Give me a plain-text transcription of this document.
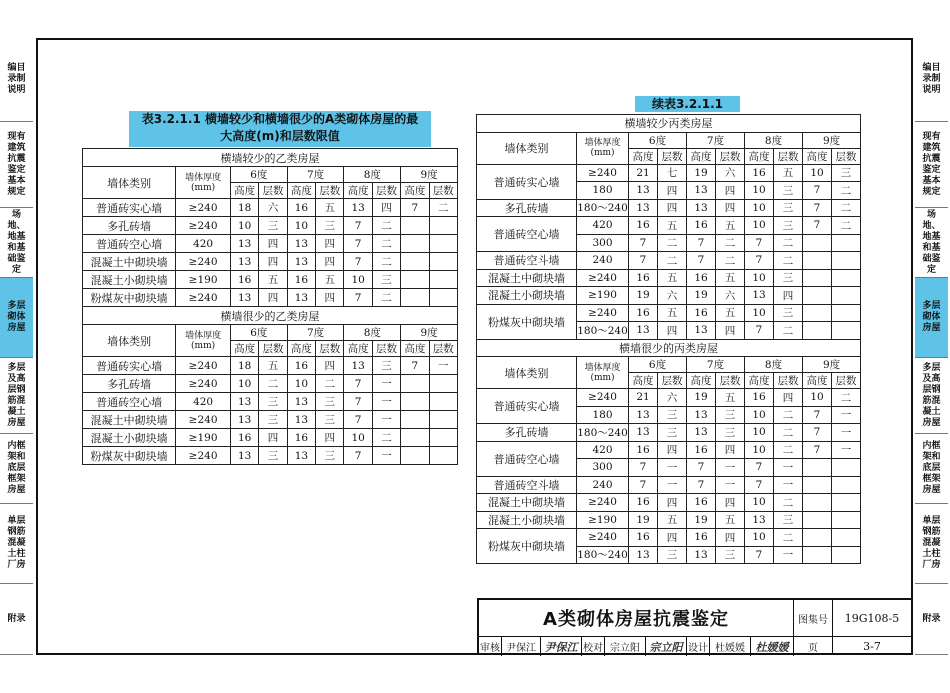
编目录制说明
现有建筑抗震鉴定基本规定
场地、地基和基础鉴定
多层砌体房屋
多层及高层钢筋混凝土房屋
内框架和底层框架房屋
单层钢筋混凝土柱厂房
附录
编目录制说明
现有建筑抗震鉴定基本规定
场地、地基和基础鉴定
多层砌体房屋
多层及高层钢筋混凝土房屋
内框架和底层框架房屋
单层钢筋混凝土柱厂房
附录
表3.2.1.1 横墙较少和横墙很少的A类砌体房屋的最
大高度(m)和层数限值
续表3.2.1.1
横墙较少的乙类房屋									
墙体类别	墙体厚度(mm)	6度		7度		8度		9度	
		高度	层数	高度	层数	高度	层数	高度	层数
普通砖实心墙	≥240	18	六	16	五	13	四	7	二
多孔砖墙	≥240	10	三	10	三	7	二		
普通砖空心墙	420	13	四	13	四	7	二		
混凝土中砌块墙	≥240	13	四	13	四	7	二		
混凝土小砌块墙	≥190	16	五	16	五	10	三		
粉煤灰中砌块墙	≥240	13	四	13	四	7	二		
横墙很少的乙类房屋									
墙体类别	墙体厚度(mm)	6度		7度		8度		9度	
		高度	层数	高度	层数	高度	层数	高度	层数
普通砖实心墙	≥240	18	五	16	四	13	三	7	一
多孔砖墙	≥240	10	二	10	二	7	一		
普通砖空心墙	420	13	三	13	三	7	一		
混凝土中砌块墙	≥240	13	三	13	三	7	一		
混凝土小砌块墙	≥190	16	四	16	四	10	二		
粉煤灰中砌块墙	≥240	13	三	13	三	7	一		
横墙较少丙类房屋									
墙体类别	墙体厚度(mm)	6度		7度		8度		9度	
		高度	层数	高度	层数	高度	层数	高度	层数
普通砖实心墙	≥240	21	七	19	六	16	五	10	三
	180	13	四	13	四	10	三	7	二
多孔砖墙	180～240	13	四	13	四	10	三	7	二
普通砖空心墙	420	16	五	16	五	10	三	7	二
	300	7	二	7	二	7	二		
普通砖空斗墙	240	7	二	7	二	7	二		
混凝土中砌块墙	≥240	16	五	16	五	10	三		
混凝土小砌块墙	≥190	19	六	19	六	13	四		
粉煤灰中砌块墙	≥240	16	五	16	五	10	三		
	180～240	13	四	13	四	7	二		
横墙很少的丙类房屋									
墙体类别	墙体厚度(mm)	6度		7度		8度		9度	
		高度	层数	高度	层数	高度	层数	高度	层数
普通砖实心墙	≥240	21	六	19	五	16	四	10	二
	180	13	三	13	三	10	二	7	一
多孔砖墙	180～240	13	三	13	三	10	二	7	一
普通砖空心墙	420	16	四	16	四	10	二	7	一
	300	7	一	7	一	7	一		
普通砖空斗墙	240	7	一	7	一	7	一		
混凝土中砌块墙	≥240	16	四	16	四	10	二		
混凝土小砌块墙	≥190	19	五	19	五	13	三		
粉煤灰中砌块墙	≥240	16	四	16	四	10	二		
	180～240	13	三	13	三	7	一		
A类砌体房屋抗震鉴定	图集号	19G108-5
审核 尹保江 尹保江 校对 宗立阳 宗立阳 设计 杜媛媛 杜媛媛	页	3-7
